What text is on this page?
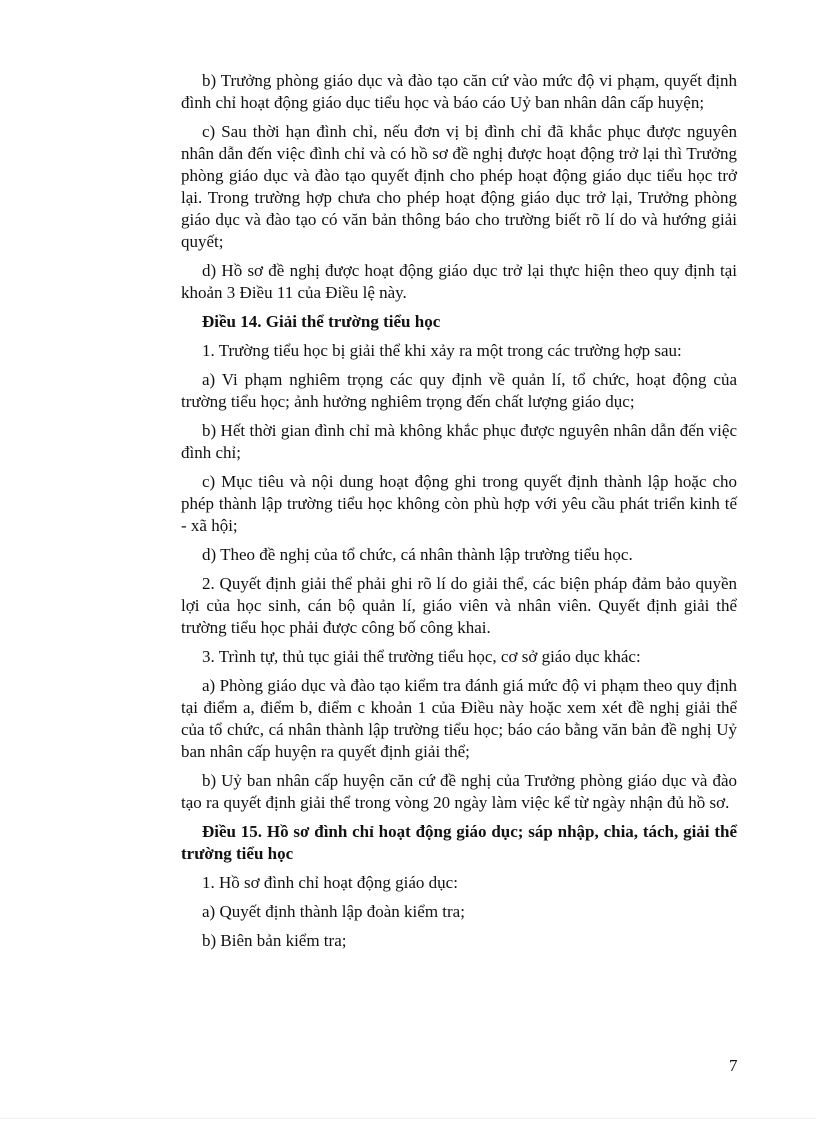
b) Trưởng phòng giáo dục và đào tạo căn cứ vào mức độ vi phạm, quyết định đình chỉ hoạt động giáo dục tiểu học và báo cáo Uỷ ban nhân dân cấp huyện;

c) Sau thời hạn đình chỉ, nếu đơn vị bị đình chỉ đã khắc phục được nguyên nhân dẫn đến việc đình chỉ và có hồ sơ đề nghị được hoạt động trở lại thì Trưởng phòng giáo dục và đào tạo quyết định cho phép hoạt động giáo dục tiểu học trở lại. Trong trường hợp chưa cho phép hoạt động giáo dục trở lại, Trưởng phòng giáo dục và đào tạo có văn bản thông báo cho trường biết rõ lí do và hướng giải quyết;

d) Hồ sơ đề nghị được hoạt động giáo dục trở lại thực hiện theo quy định tại khoản 3 Điều 11 của Điều lệ này.

Điều 14. Giải thể trường tiểu học

1. Trường tiểu học bị giải thể khi xảy ra một trong các trường hợp sau:

a) Vi phạm nghiêm trọng các quy định về quản lí, tổ chức, hoạt động của trường tiểu học; ảnh hưởng nghiêm trọng đến chất lượng giáo dục;

b) Hết thời gian đình chỉ mà không khắc phục được nguyên nhân dẫn đến việc đình chỉ;

c) Mục tiêu và nội dung hoạt động ghi trong quyết định thành lập hoặc cho phép thành lập trường tiểu học không còn phù hợp với yêu cầu phát triển kinh tế - xã hội;

d) Theo đề nghị của tổ chức, cá nhân thành lập trường tiểu học.

2. Quyết định giải thể phải ghi rõ lí do giải thể, các biện pháp đảm bảo quyền lợi của học sinh, cán bộ quản lí, giáo viên và nhân viên. Quyết định giải thể trường tiểu học phải được công bố công khai.

3. Trình tự, thủ tục giải thể trường tiểu học, cơ sở giáo dục khác:

a) Phòng giáo dục và đào tạo kiểm tra đánh giá mức độ vi phạm theo quy định tại điểm a, điểm b, điểm c khoản 1 của Điều này hoặc xem xét đề nghị giải thể của tổ chức, cá nhân thành lập trường tiểu học; báo cáo bằng văn bản đề nghị Uỷ ban nhân cấp huyện ra quyết định giải thể;

b) Uỷ ban nhân cấp huyện căn cứ đề nghị của Trưởng phòng giáo dục và đào tạo ra quyết định giải thể trong vòng 20 ngày làm việc kể từ ngày nhận đủ hồ sơ.

Điều 15. Hồ sơ đình chỉ hoạt động giáo dục; sáp nhập, chia, tách, giải thể trường tiểu học

1. Hồ sơ đình chỉ hoạt động giáo dục:

a) Quyết định thành lập đoàn kiểm tra;

b) Biên bản kiểm tra;

7
